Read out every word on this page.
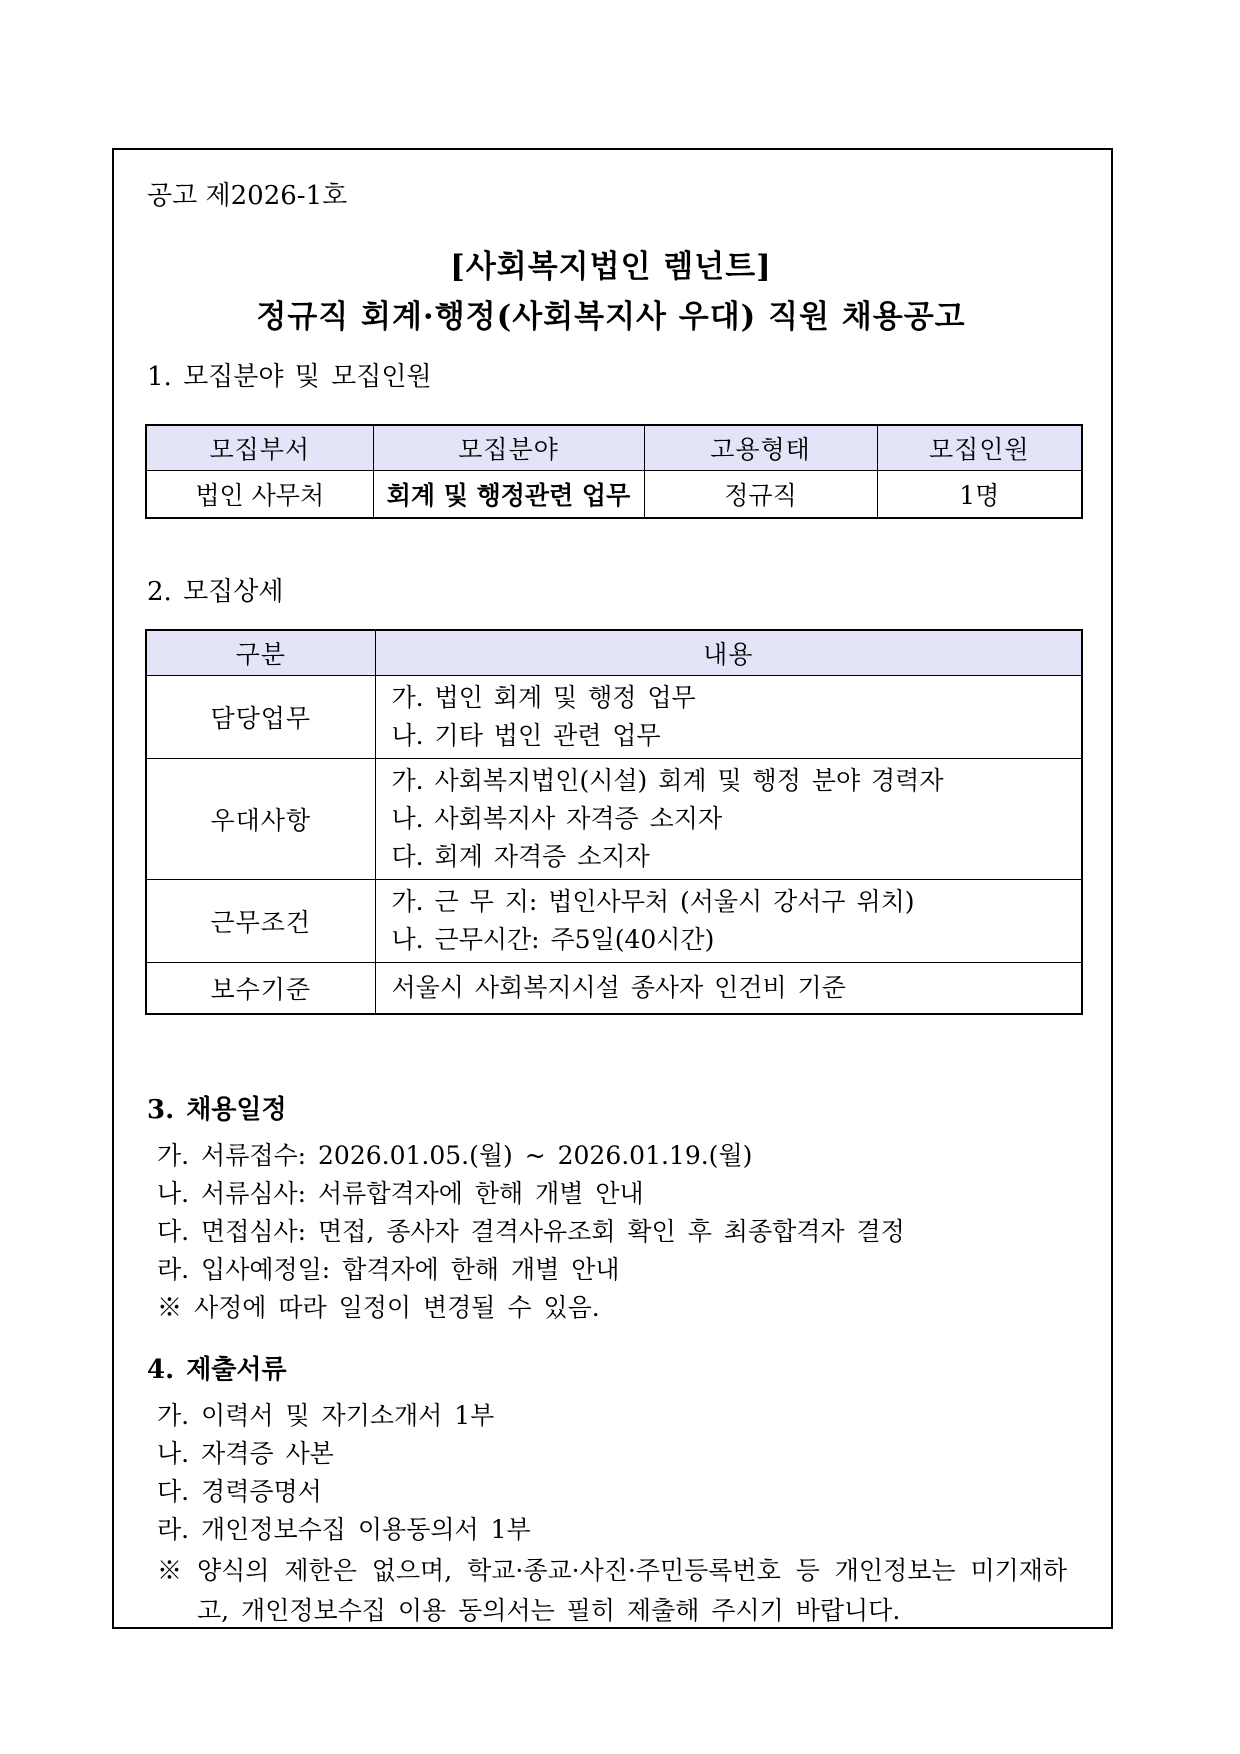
공고 제2026-1호
[사회복지법인 렘넌트]
정규직 회계·행정(사회복지사 우대) 직원 채용공고
1. 모집분야 및 모집인원
모집부서	모집분야	고용형태	모집인원
법인 사무처	회계 및 행정관련 업무	정규직	1명
2. 모집상세
구분	내용
담당업무	가. 법인 회계 및 행정 업무
나. 기타 법인 관련 업무

우대사항	가. 사회복지법인(시설) 회계 및 행정 분야 경력자
나. 사회복지사 자격증 소지자
다. 회계 자격증 소지자

근무조건	가. 근 무 지: 법인사무처 (서울시 강서구 위치)
나. 근무시간: 주5일(40시간)

보수기준	서울시 사회복지시설 종사자 인건비 기준
3. 채용일정
가. 서류접수: 2026.01.05.(월) ~ 2026.01.19.(월)
나. 서류심사: 서류합격자에 한해 개별 안내
다. 면접심사: 면접, 종사자 결격사유조회 확인 후 최종합격자 결정
라. 입사예정일: 합격자에 한해 개별 안내
※ 사정에 따라 일정이 변경될 수 있음.
4. 제출서류
가. 이력서 및 자기소개서 1부
나. 자격증 사본
다. 경력증명서
라. 개인정보수집 이용동의서 1부
※ 양식의 제한은 없으며, 학교·종교·사진·주민등록번호 등 개인정보는 미기재하
고, 개인정보수집 이용 동의서는 필히 제출해 주시기 바랍니다.
